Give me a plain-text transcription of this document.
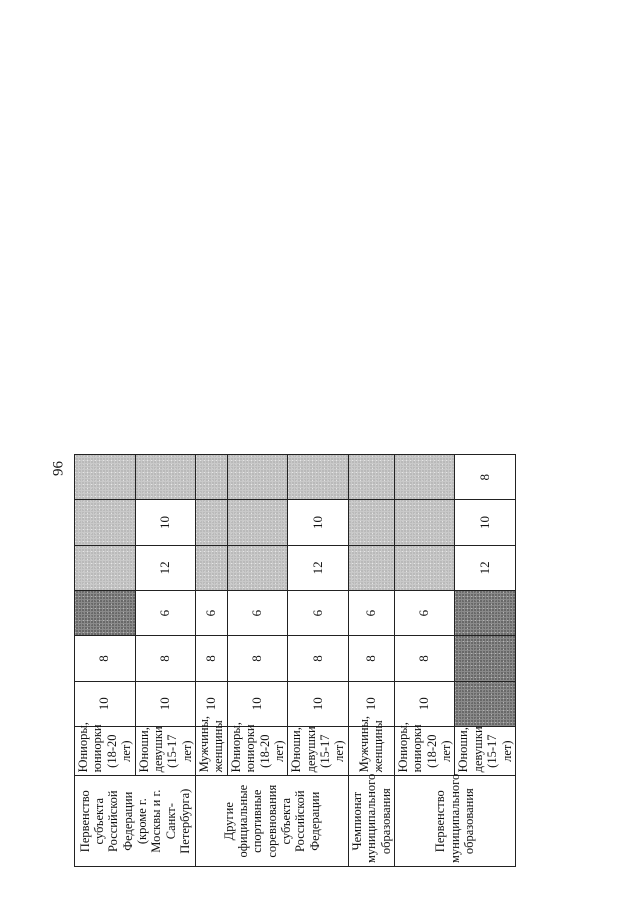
96
Первенство субъекта Российской Федерации (кроме г. Москвы и г. Санкт-Петербурга)	Юниоры, юниорки (18-20 лет)	10	8				
	Юноши, девушки (15-17 лет)	10	8	6	12	10	
Другие официальные спортивные соревнования субъекта Российской Федерации	Мужчины, женщины	10	8	6			
	Юниоры, юниорки (18-20 лет)	10	8	6			
	Юноши, девушки (15-17 лет)	10	8	6	12	10	
Чемпионат муниципального образования	Мужчины, женщины	10	8	6			
Первенство муниципального образования	Юниоры, юниорки (18-20 лет)	10	8	6			
	Юноши, девушки (15-17 лет)				12	10	8
